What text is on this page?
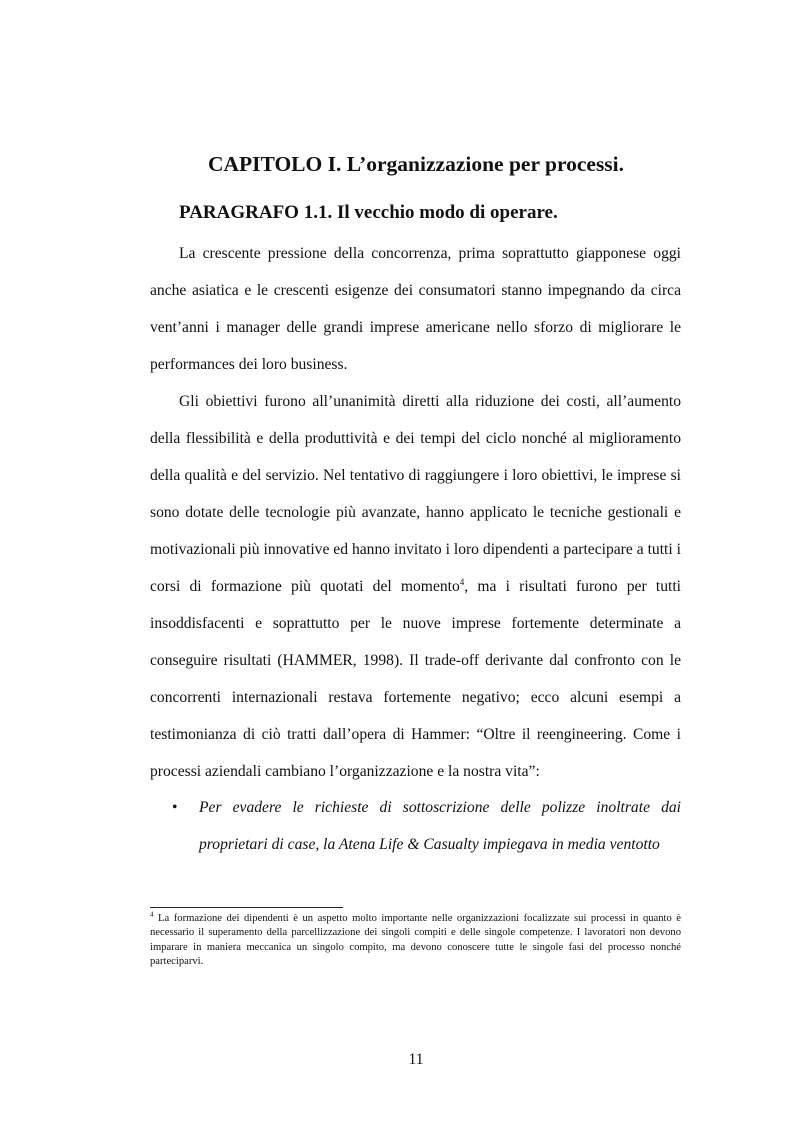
CAPITOLO I. L’organizzazione per processi.
PARAGRAFO 1.1. Il vecchio modo di operare.

La crescente pressione della concorrenza, prima soprattutto giapponese oggi anche asiatica e le crescenti esigenze dei consumatori stanno impegnando da circa vent’anni i manager delle grandi imprese americane nello sforzo di migliorare le performances dei loro business.

Gli obiettivi furono all’unanimità diretti alla riduzione dei costi, all’aumento della flessibilità e della produttività e dei tempi del ciclo nonché al miglioramento della qualità e del servizio. Nel tentativo di raggiungere i loro obiettivi, le imprese si sono dotate delle tecnologie più avanzate, hanno applicato le tecniche gestionali e motivazionali più innovative ed hanno invitato i loro dipendenti a partecipare a tutti i corsi di formazione più quotati del momento$^4$, ma i risultati furono per tutti insoddisfacenti e soprattutto per le nuove imprese fortemente determinate a conseguire risultati (HAMMER, 1998). Il trade-off derivante dal confronto con le concorrenti internazionali restava fortemente negativo; ecco alcuni esempi a testimonianza di ciò tratti dall’opera di Hammer: “Oltre il reengineering. Come i processi aziendali cambiano l’organizzazione e la nostra vita”:

• Per evadere le richieste di sottoscrizione delle polizze inoltrate dai proprietari di case, la Atena Life & Casualty impiegava in media ventotto

$^4$ La formazione dei dipendenti è un aspetto molto importante nelle organizzazioni focalizzate sui processi in quanto è necessario il superamento della parcellizzazione dei singoli compiti e delle singole competenze. I lavoratori non devono imparare in maniera meccanica un singolo compito, ma devono conoscere tutte le singole fasi del processo nonché parteciparvi.

11
